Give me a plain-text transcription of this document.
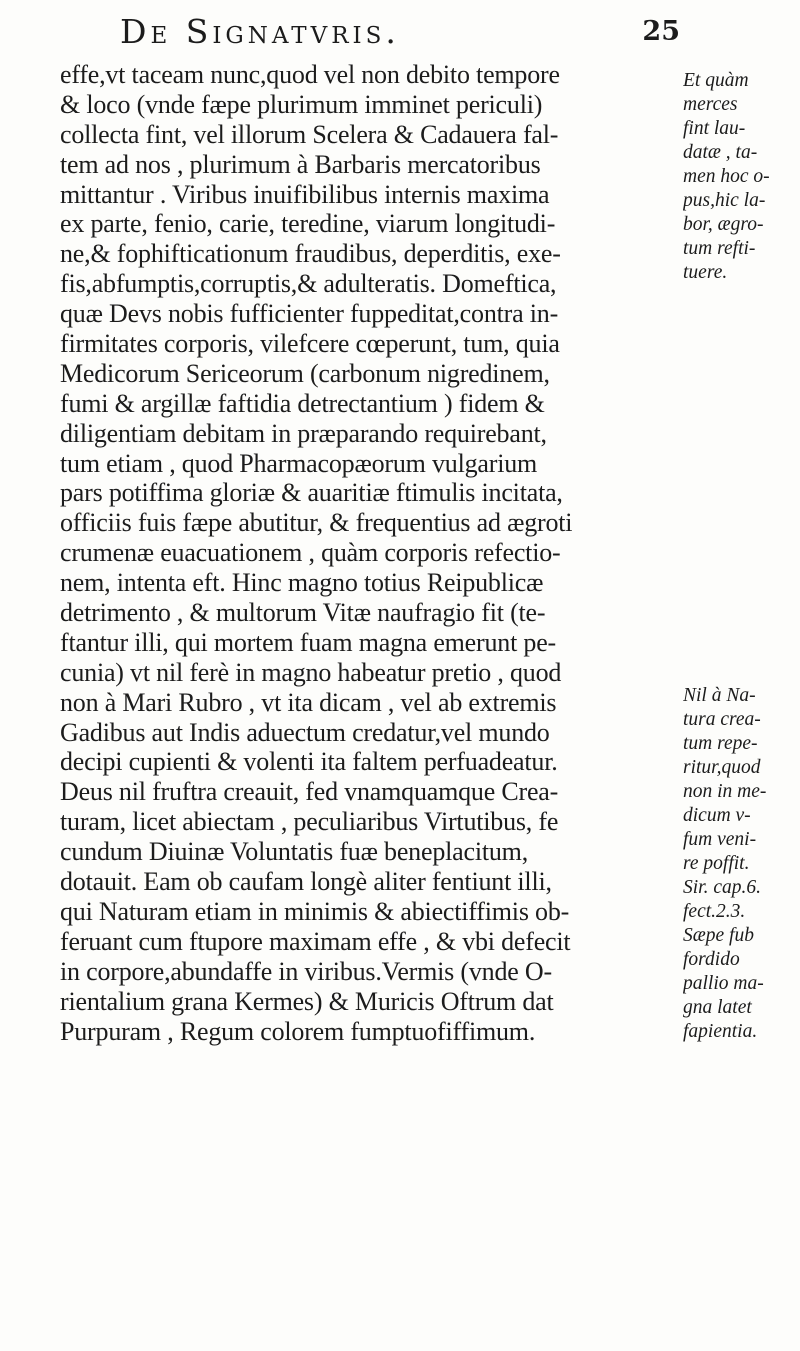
De Signatvris.	25
effe,vt taceam nunc,quod vel non debito tempore
& loco (vnde fæpe plurimum imminet periculi)
collecta fint, vel illorum Scelera & Cadauera fal-
tem ad nos , plurimum à Barbaris mercatoribus
mittantur . Viribus inuifibilibus internis maxima
ex parte, fenio, carie, teredine, viarum longitudi-
ne,& fophifticationum fraudibus, deperditis, exe-
fis,abfumptis,corruptis,& adulteratis. Domeftica,
quæ Devs nobis fufficienter fuppeditat,contra in-
firmitates corporis, vilefcere cœperunt, tum, quia
Medicorum Sericeorum (carbonum nigredinem,
fumi & argillæ faftidia detrectantium ) fidem &
diligentiam debitam in præparando requirebant,
tum etiam , quod Pharmacopæorum vulgarium
pars potiffima gloriæ & auaritiæ ftimulis incitata,
officiis fuis fæpe abutitur, & frequentius ad ægroti
crumenæ euacuationem , quàm corporis refectio-
nem, intenta eft. Hinc magno totius Reipublicæ
detrimento , & multorum Vitæ naufragio fit (te-
ftantur illi, qui mortem fuam magna emerunt pe-
cunia) vt nil ferè in magno habeatur pretio , quod
non à Mari Rubro , vt ita dicam , vel ab extremis
Gadibus aut Indis aduectum credatur,vel mundo
decipi cupienti & volenti ita faltem perfuadeatur.
Deus nil fruftra creauit, fed vnamquamque Crea-
turam, licet abiectam , peculiaribus Virtutibus, fe
cundum Diuinæ Voluntatis fuæ beneplacitum,
dotauit. Eam ob caufam longè aliter fentiunt illi,
qui Naturam etiam in minimis & abiectiffimis ob-
feruant cum ftupore maximam effe , & vbi defecit
in corpore,abundaffe in viribus.Vermis (vnde O-
rientalium grana Kermes) & Muricis Oftrum dat
Purpuram , Regum colorem fumptuofiffimum.
Et quàm
merces
fint lau-
datæ , ta-
men hoc o-
pus,hic la-
bor, ægro-
tum refti-
tuere.
Nil à Na-
tura crea-
tum repe-
ritur,quod
non in me-
dicum v-
fum veni-
re poffit.
Sir. cap.6.
fect.2.3.
Sæpe fub
fordido
pallio ma-
gna latet
fapientia.
